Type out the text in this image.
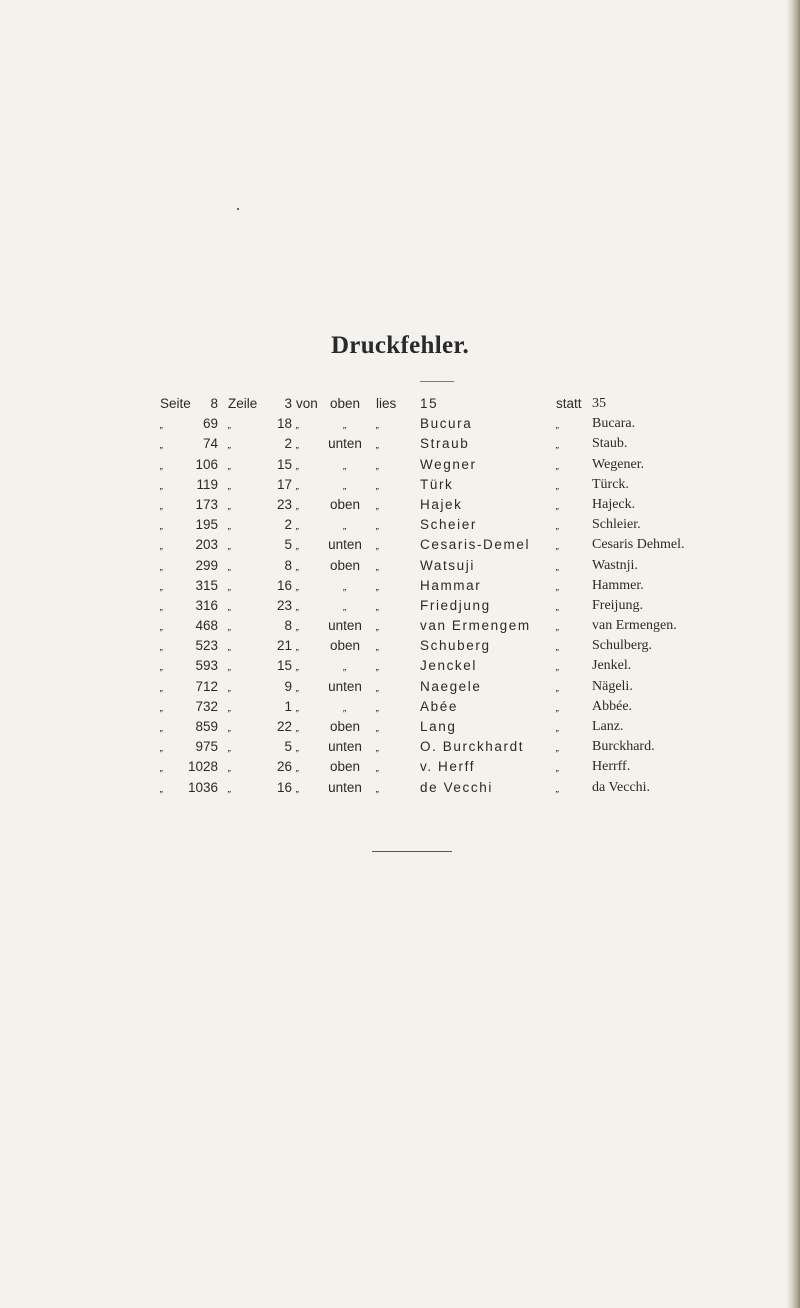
Druckfehler.
Seite	8 Zeile	3 von oben	lies 15	statt 35
„	69 „	18 „	„	„	Bucura	„ Bucara.
„	74 „	2 „	unten	„	Straub	„ Staub.
„	106 „	15 „	„	„	Wegner	„ Wegener.
„	119 „	17 „	„	„	Türk	„ Türck.
„	173 „	23 „	oben	„	Hajek	„ Hajeck.
„	195 „	2 „	„	„	Scheier	„ Schleier.
„	203 „	5 „	unten	„	Cesaris-Demel	„ Cesaris Dehmel.
„	299 „	8 „	oben	„	Watsuji	„ Wastnji.
„	315 „	16 „	„	„	Hammar	„ Hammer.
„	316 „	23 „	„	„	Friedjung	„ Freijung.
„	468 „	8 „	unten	„	van Ermengem	„ van Ermengen.
„	523 „	21 „	oben	„	Schuberg	„ Schulberg.
„	593 „	15 „	„	„	Jenckel	„ Jenkel.
„	712 „	9 „	unten	„	Naegele	„ Nägeli.
„	732 „	1 „	„	„	Abée	„ Abbée.
„	859 „	22 „	oben	„	Lang	„ Lanz.
„	975 „	5 „	unten	„	O. Burckhardt	„ Burckhard.
„ 1028 „	26 „	oben	„	v. Herff	„ Herrff.
„ 1036 „	16 „	unten	„	de Vecchi	„ da Vecchi.
